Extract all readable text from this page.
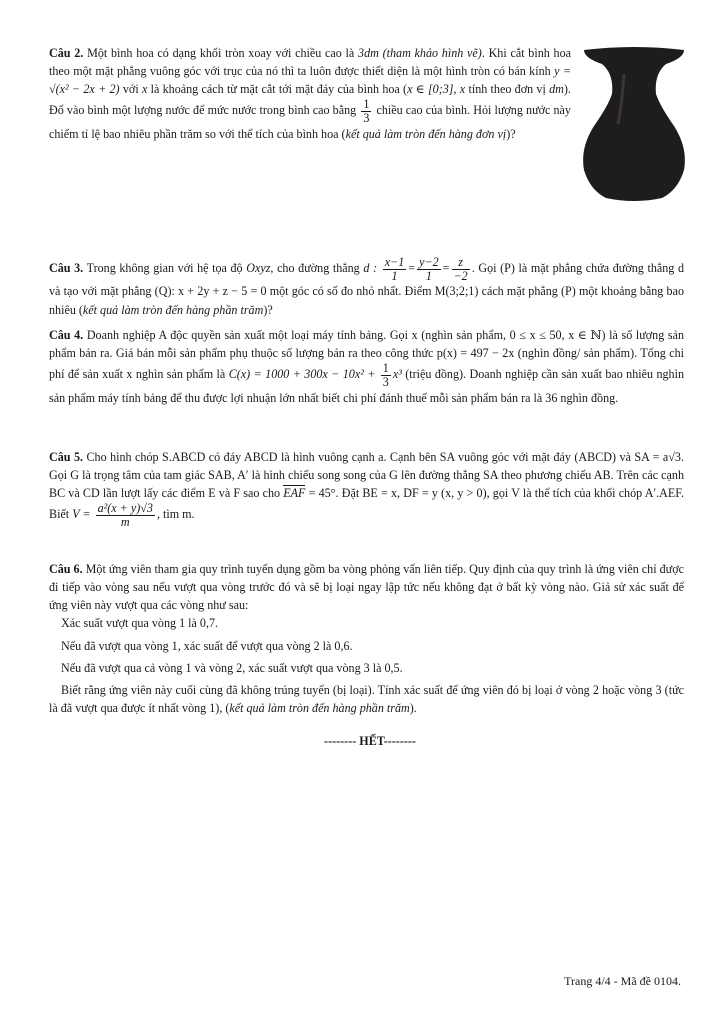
Câu 2. Một bình hoa có dạng khối tròn xoay với chiều cao là 3dm (tham khảo hình vẽ). Khi cắt bình hoa theo một mặt phẳng vuông góc với trục của nó thì ta luôn được thiết diện là một hình tròn có bán kính y = √(x² − 2x + 2) với x là khoảng cách từ mặt cắt tới mặt đáy của bình hoa (x ∈ [0;3], x tính theo đơn vị dm). Đổ vào bình một lượng nước để mức nước trong bình cao bằng $\frac{1}{3}$ chiều cao của bình. Hỏi lượng nước này chiếm tỉ lệ bao nhiêu phần trăm so với thể tích của bình hoa (kết quả làm tròn đến hàng đơn vị)?

Câu 3. Trong không gian với hệ tọa độ Oxyz, cho đường thẳng d : $\frac{x-1}{1} = \frac{y-2}{1} = \frac{z}{-2}$ . Gọi (P) là mặt phẳng chứa đường thẳng d và tạo với mặt phẳng (Q): x + 2y + z − 5 = 0 một góc có số đo nhỏ nhất. Điểm M(3;2;1) cách mặt phẳng (P) một khoảng bằng bao nhiêu (kết quả làm tròn đến hàng phần trăm)?

Câu 4. Doanh nghiệp A độc quyền sản xuất một loại máy tính bảng. Gọi x (nghìn sản phẩm, 0 ≤ x ≤ 50, x ∈ ℕ) là số lượng sản phẩm bán ra. Giá bán mỗi sản phẩm phụ thuộc số lượng bán ra theo công thức p(x) = 497 − 2x (nghìn đồng/ sản phẩm). Tổng chi phí để sản xuất x nghìn sản phẩm là $C(x) = 1000 + 300x - 10x^2 + \frac{1}{3} x^3$ (triệu đồng). Doanh nghiệp cần sản xuất bao nhiêu nghìn sản phẩm máy tính bảng để thu được lợi nhuận lớn nhất biết chi phí đánh thuế mỗi sản phẩm bán ra là 36 nghìn đồng.

Câu 5. Cho hình chóp S.ABCD có đáy ABCD là hình vuông cạnh a. Cạnh bên SA vuông góc với mặt đáy (ABCD) và SA = a√3. Gọi G là trọng tâm của tam giác SAB, A′ là hình chiếu song song của G lên đường thẳng SA theo phương chiếu AB. Trên các cạnh BC và CD lần lượt lấy các điểm E và F sao cho EAF = 45°. Đặt BE = x, DF = y (x, y > 0), gọi V là thể tích của khối chóp A′.AEF. Biết $V = \frac{\text{a²(x + y)√3}}{m}$ , tìm m.

Câu 6. Một ứng viên tham gia quy trình tuyển dụng gồm ba vòng phỏng vấn liên tiếp. Quy định của quy trình là ứng viên chỉ được đi tiếp vào vòng sau nếu vượt qua vòng trước đó và sẽ bị loại ngay lập tức nếu không đạt ở bất kỳ vòng nào. Giả sử xác suất để ứng viên này vượt qua các vòng như sau:

Xác suất vượt qua vòng 1 là 0,7.

Nếu đã vượt qua vòng 1, xác suất để vượt qua vòng 2 là 0,6.

Nếu đã vượt qua cả vòng 1 và vòng 2, xác suất vượt qua vòng 3 là 0,5.

Biết rằng ứng viên này cuối cùng đã không trúng tuyển (bị loại). Tính xác suất để ứng viên đó bị loại ở vòng 2 hoặc vòng 3 (tức là đã vượt qua được ít nhất vòng 1), (kết quả làm tròn đến hàng phần trăm).

-------- HẾT--------
Trang 4/4 - Mã đề 0104.
